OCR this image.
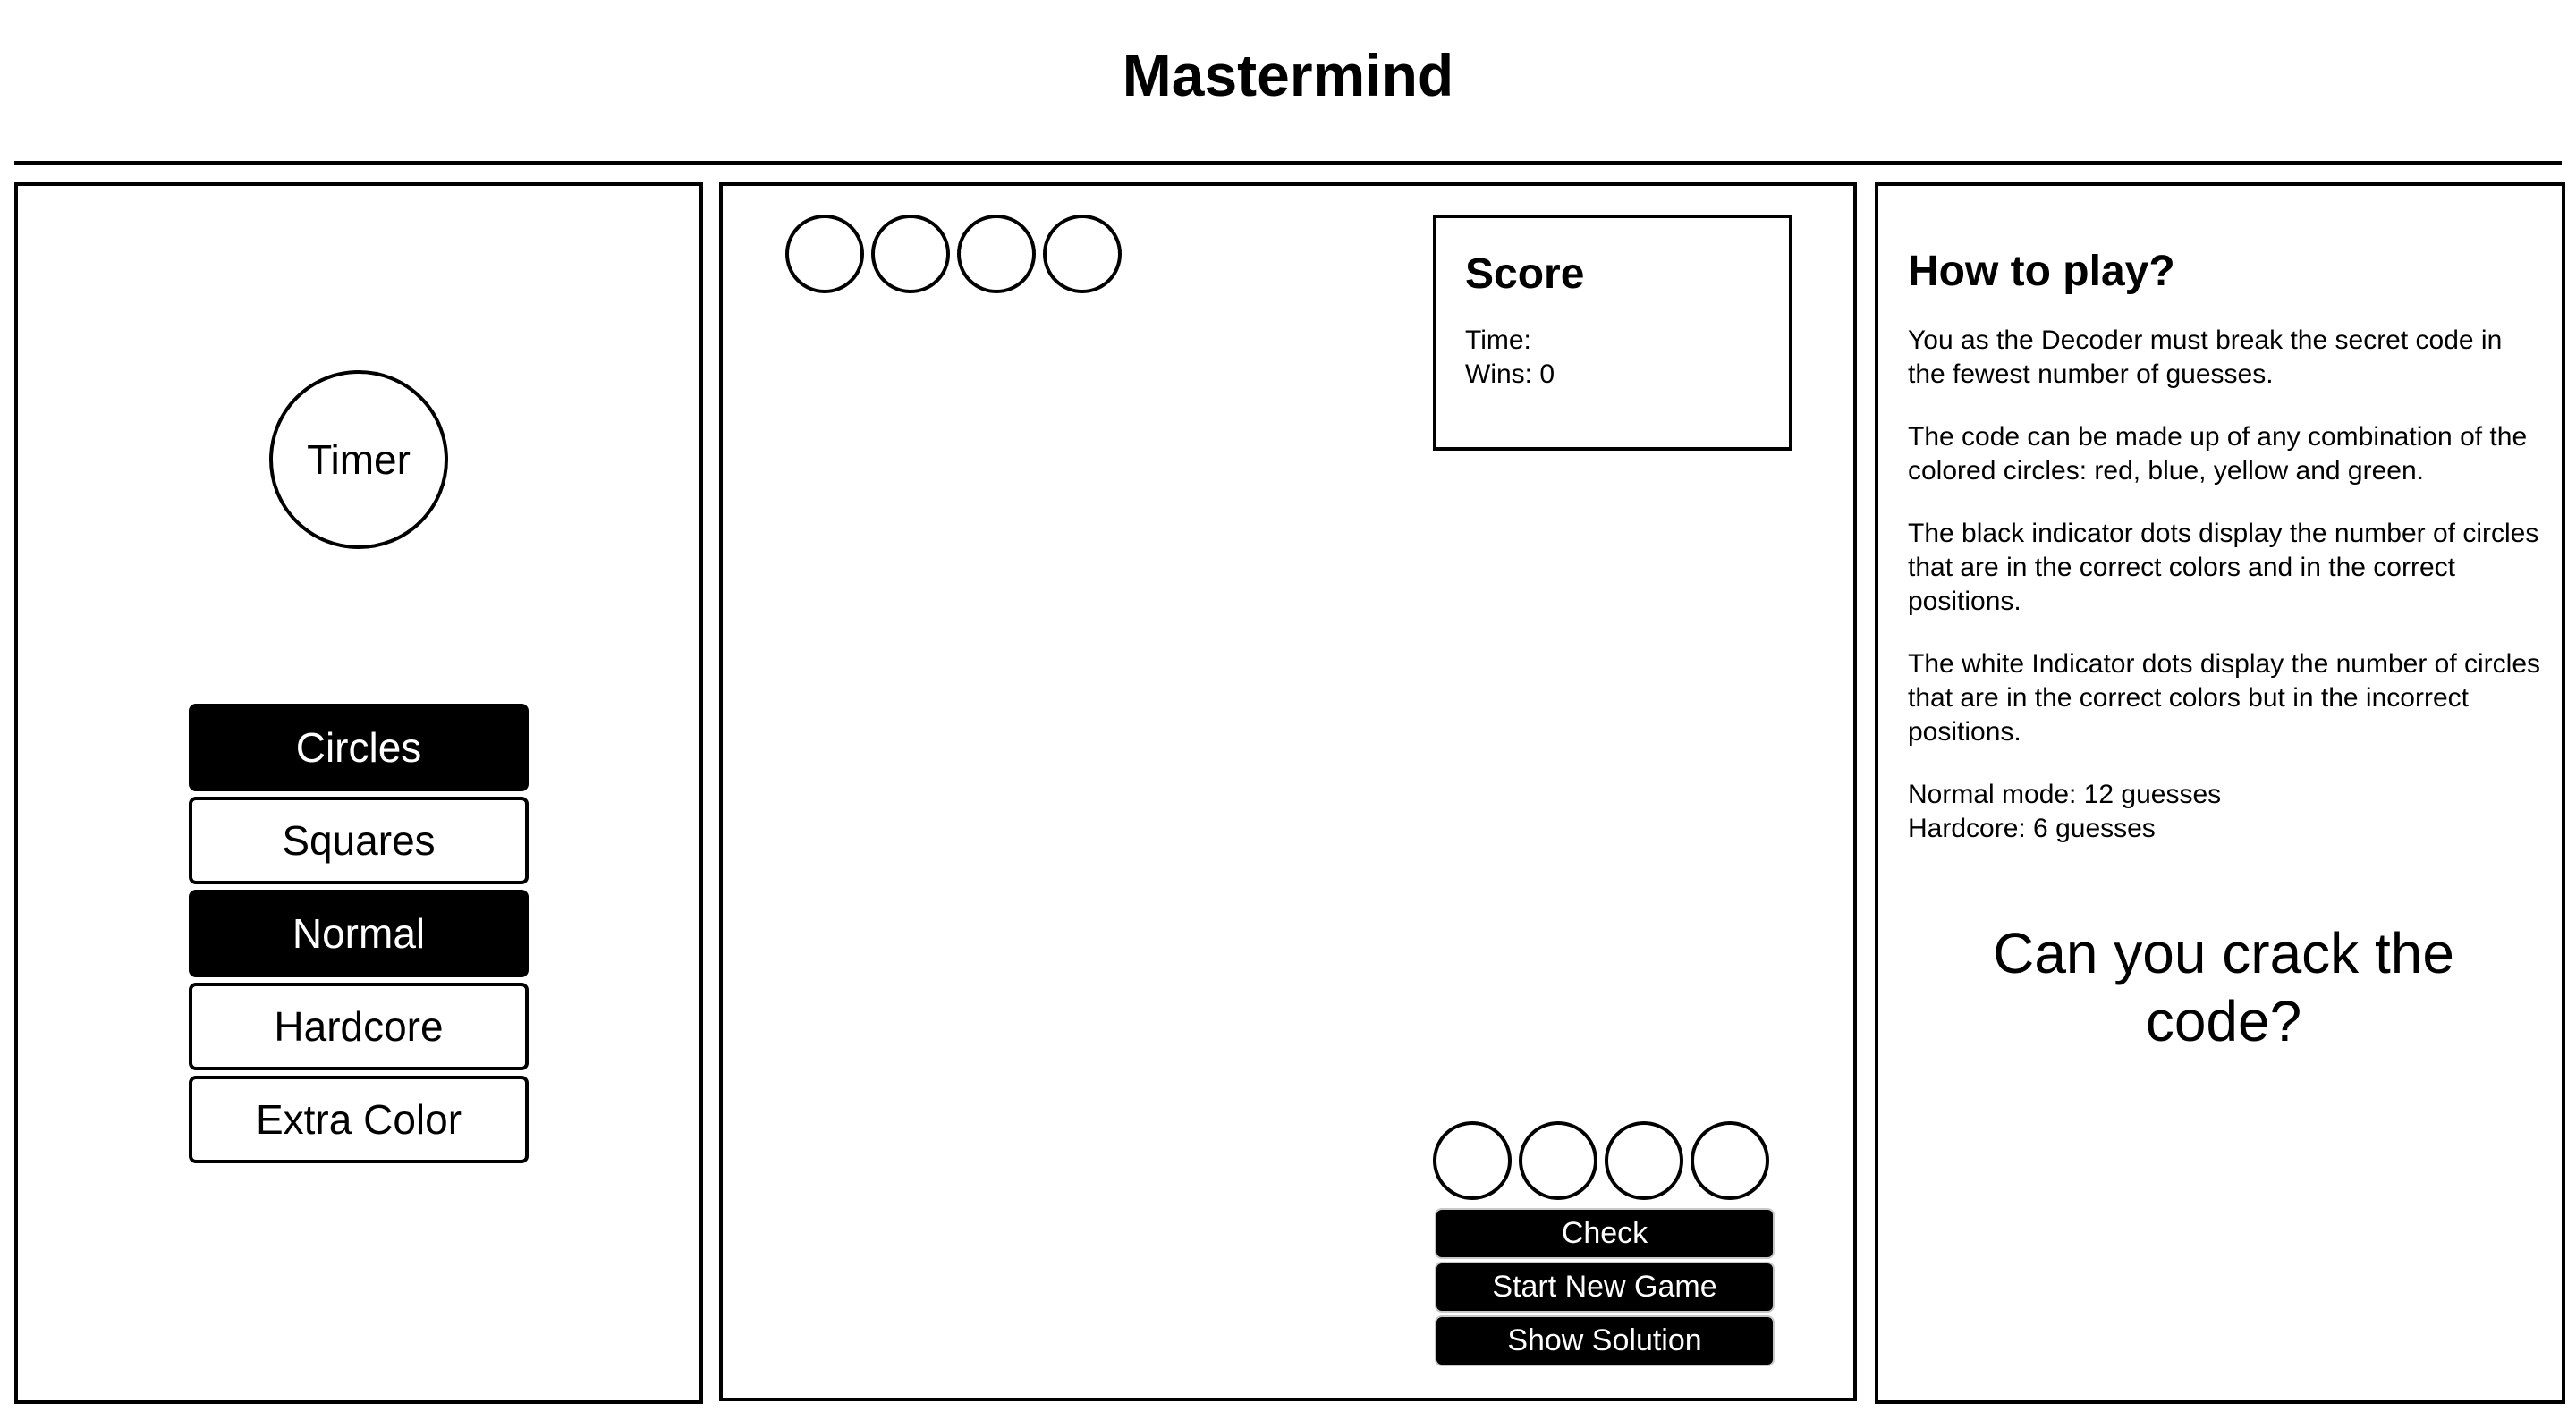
Mastermind
Timer
Circles
Squares
Normal
Hardcore
Extra Color
Score
Time:
Wins: 0
Check
Start New Game
Show Solution
How to play?

You as the Decoder must break the secret code in the fewest number of guesses.

The code can be made up of any combination of the colored circles: red, blue, yellow and green.

The black indicator dots display the number of circles that are in the correct colors and in the correct positions.

The white Indicator dots display the number of circles that are in the correct colors but in the incorrect positions.

Normal mode: 12 guesses
Hardcore: 6 guesses
Can you crack the code?
